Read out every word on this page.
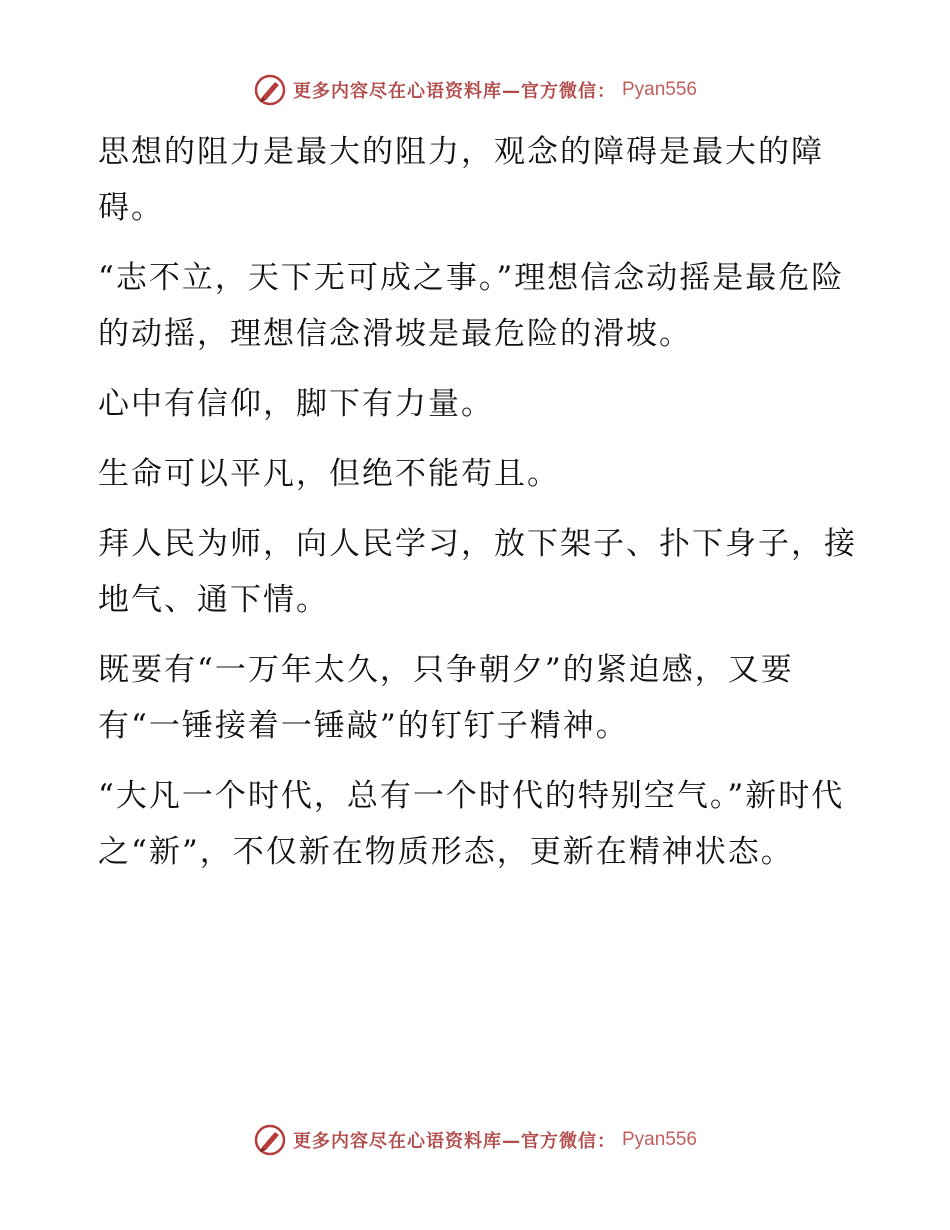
更多内容尽在心语资料库—官方微信： Pyan556

思想的阻力是最大的阻力，观念的障碍是最大的障碍。

“志不立，天下无可成之事。”理想信念动摇是最危险的动摇，理想信念滑坡是最危险的滑坡。

心中有信仰，脚下有力量。

生命可以平凡，但绝不能苟且。

拜人民为师，向人民学习，放下架子、扑下身子，接地气、通下情。

既要有“一万年太久，只争朝夕”的紧迫感，又要有“一锤接着一锤敲”的钉钉子精神。

“大凡一个时代，总有一个时代的特别空气。”新时代之“新”，不仅新在物质形态，更新在精神状态。

更多内容尽在心语资料库—官方微信： Pyan556
